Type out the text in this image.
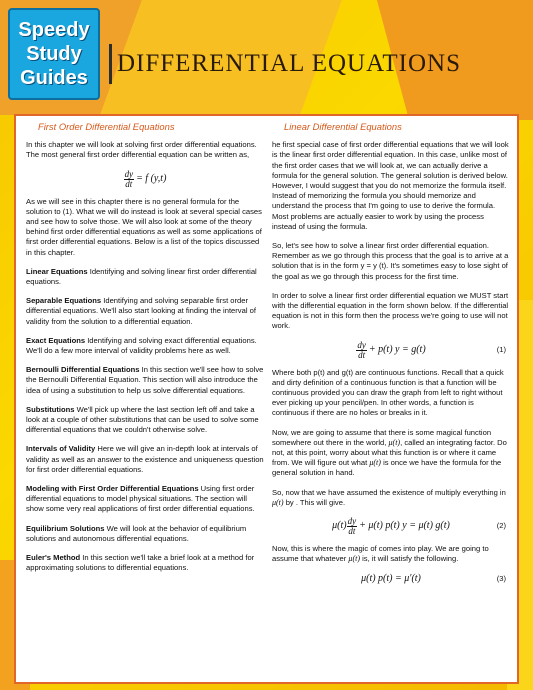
Speedy
Study
Guides
DIFFERENTIAL EQUATIONS
First Order Differential Equations

In this chapter we will look at solving first order differential equations. The most general first order differential equation can be written as,

$\frac{dy}{dt} = f$ (y,t)

As we will see in this chapter there is no general formula for the solution to (1). What we will do instead is look at several special cases and see how to solve those. We will also look at some of the theory behind first order differential equations as well as some applications of first order differential equations. Below is a list of the topics discussed in this chapter.

Linear Equations Identifying and solving linear first order differential equations.

Separable Equations Identifying and solving separable first order differential equations. We'll also start looking at finding the interval of validity from the solution to a differential equation.

Exact Equations Identifying and solving exact differential equations. We'll do a few more interval of validity problems here as well.

Bernoulli Differential Equations In this section we'll see how to solve the Bernoulli Differential Equation. This section will also introduce the idea of using a substitution to help us solve differential equations.

Substitutions We'll pick up where the last section left off and take a look at a couple of other substitutions that can be used to solve some differential equations that we couldn't otherwise solve.

Intervals of Validity Here we will give an in-depth look at intervals of validity as well as an answer to the existence and uniqueness question for first order differential equations.

Modeling with First Order Differential Equations Using first order differential equations to model physical situations. The section will show some very real applications of first order differential equations.

Equilibrium Solutions We will look at the behavior of equilibrium solutions and autonomous differential equations.

Euler's Method In this section we'll take a brief look at a method for approximating solutions to differential equations.

Linear Differential Equations

he first special case of first order differential equations that we will look is the linear first order differential equation. In this case, unlike most of the first order cases that we will look at, we can actually derive a formula for the general solution. The general solution is derived below. However, I would suggest that you do not memorize the formula itself. Instead of memorizing the formula you should memorize and understand the process that I'm going to use to derive the formula. Most problems are actually easier to work by using the process instead of using the formula.

So, let's see how to solve a linear first order differential equation. Remember as we go through this process that the goal is to arrive at a solution that is in the form y = y (t). It's sometimes easy to lose sight of the goal as we go through this process for the first time.

In order to solve a linear first order differential equation we MUST start with the differential equation in the form shown below. If the differential equation is not in this form then the process we're going to use will not work.

$\frac{dy}{dt} + p(t) y = g(t)$	(1)

Where both p(t) and g(t) are continuous functions. Recall that a quick and dirty definition of a continuous function is that a function will be continuous provided you can draw the graph from left to right without ever picking up your pencil/pen. In other words, a function is continuous if there are no holes or breaks in it.

Now, we are going to assume that there is some magical function somewhere out there in the world, μ(t), called an integrating factor. Do not, at this point, worry about what this function is or where it came from. We will figure out what μ(t) is once we have the formula for the general solution in hand.

So, now that we have assumed the existence of multiply everything in μ(t) by . This will give.

$\mu(t) \frac{dy}{dt} + \mu(t)$ p(t) y = μ(t) g(t)	(2)

Now, this is where the magic of comes into play. We are going to assume that whatever μ(t) is, it will satisfy the following.

μ(t) p(t) = μ′(t)	(3)
